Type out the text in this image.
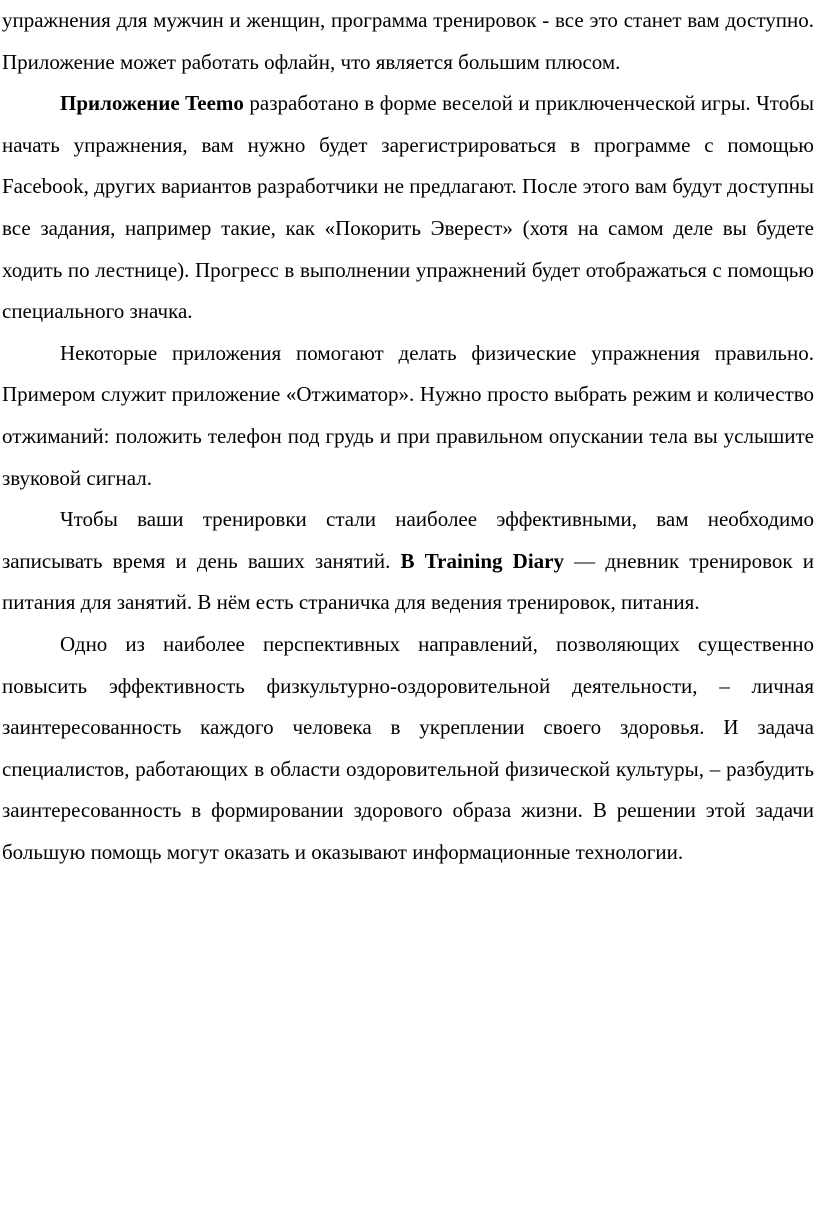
упражнения для мужчин и женщин, программа тренировок - все это станет вам доступно. Приложение может работать офлайн, что является большим плюсом.

Приложение Teemo разработано в форме веселой и приключенческой игры. Чтобы начать упражнения, вам нужно будет зарегистрироваться в программе с помощью Facebook, других вариантов разработчики не предлагают. После этого вам будут доступны все задания, например такие, как «Покорить Эверест» (хотя на самом деле вы будете ходить по лестнице). Прогресс в выполнении упражнений будет отображаться с помощью специального значка.

Некоторые приложения помогают делать физические упражнения правильно. Примером служит приложение «Отжиматор». Нужно просто выбрать режим и количество отжиманий: положить телефон под грудь и при правильном опускании тела вы услышите звуковой сигнал.

Чтобы ваши тренировки стали наиболее эффективными, вам необходимо записывать время и день ваших занятий. В Training Diary — дневник тренировок и питания для занятий. В нём есть страничка для ведения тренировок, питания.

Одно из наиболее перспективных направлений, позволяющих существенно повысить эффективность физкультурно-оздоровительной деятельности, – личная заинтересованность каждого человека в укреплении своего здоровья. И задача специалистов, работающих в области оздоровительной физической культуры, – разбудить заинтересованность в формировании здорового образа жизни. В решении этой задачи большую помощь могут оказать и оказывают информационные технологии.
